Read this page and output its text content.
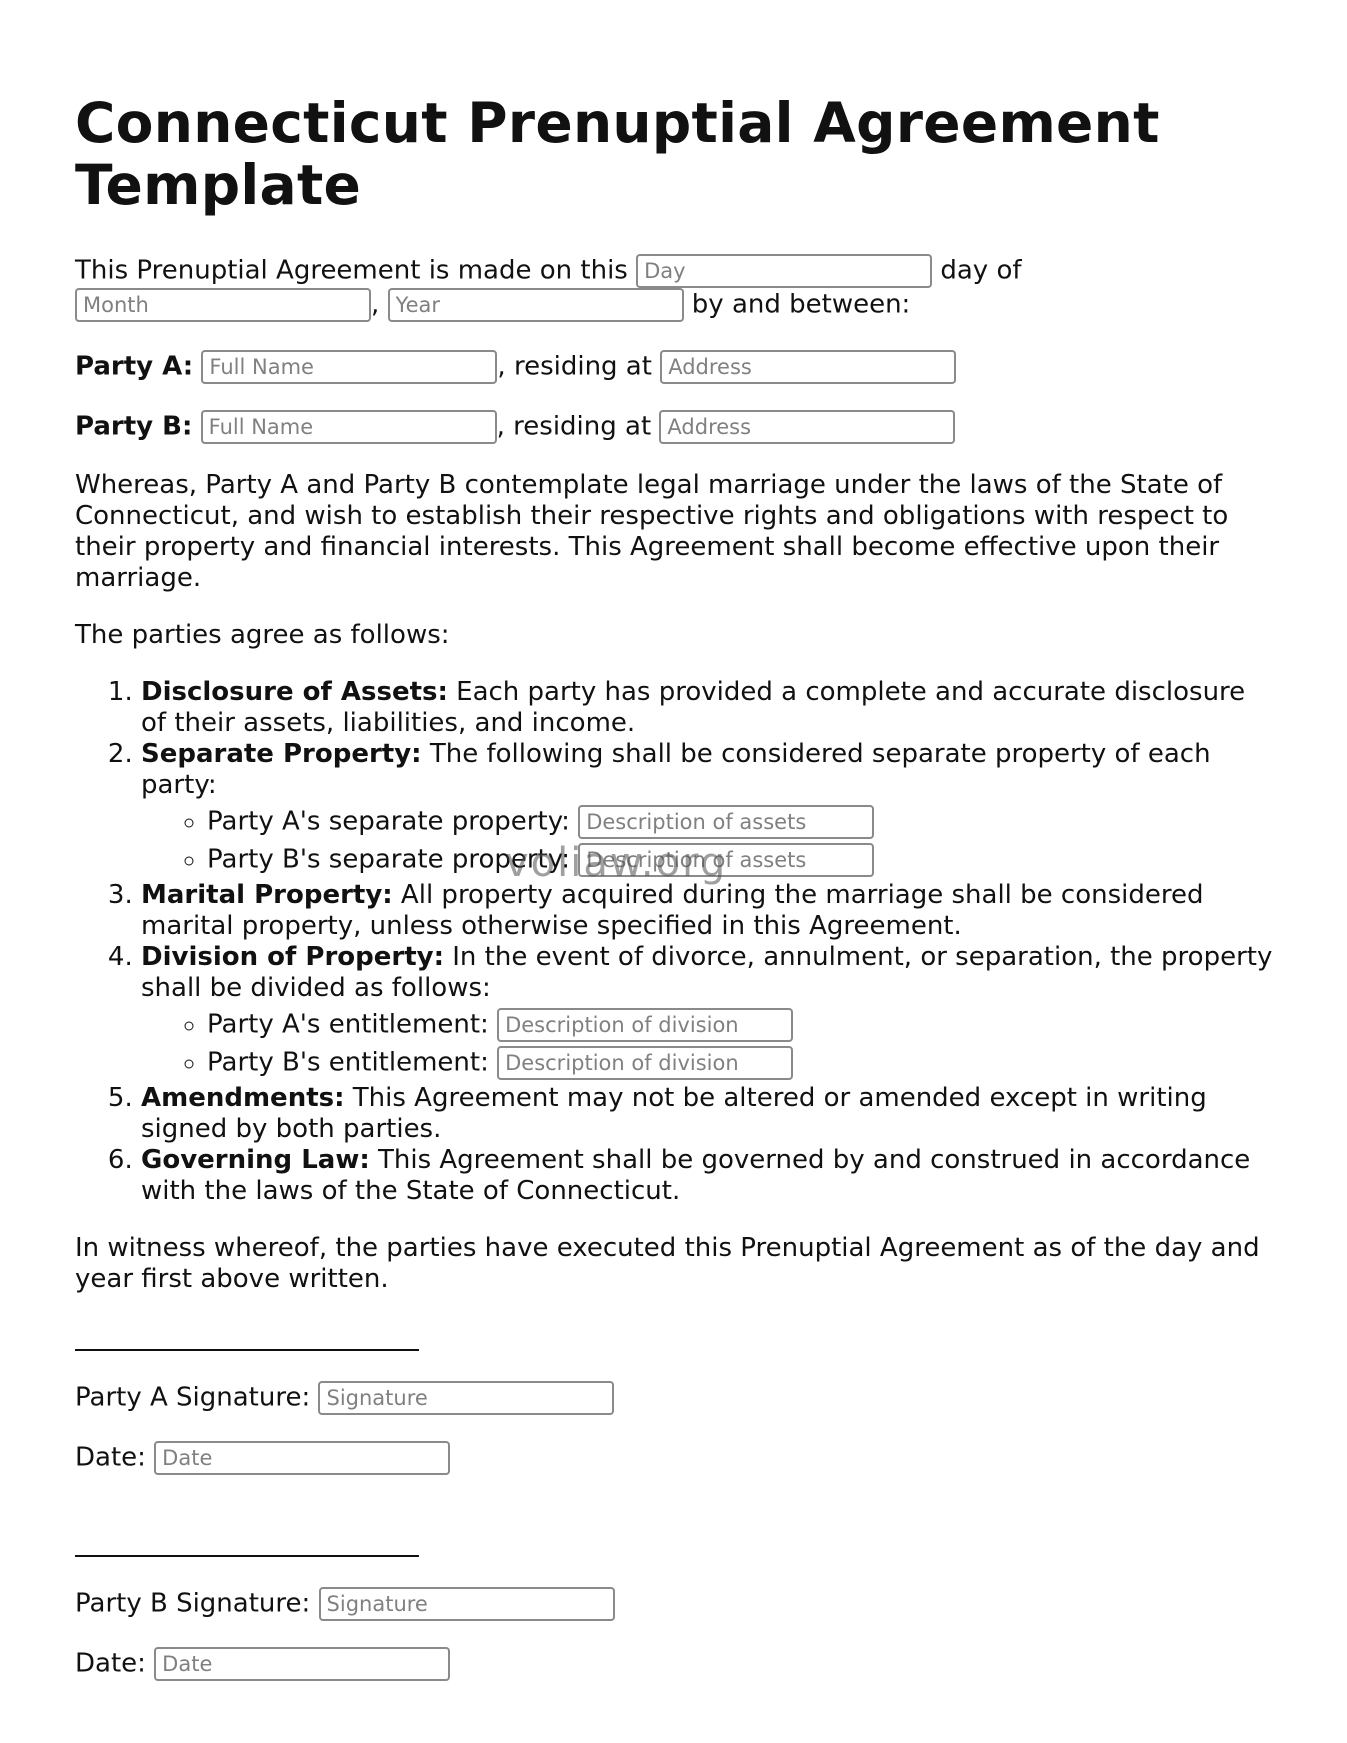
Connecticut Prenuptial Agreement Template

This Prenuptial Agreement is made on this Day	day of
Month, Year	by and between:

Party A: Full Name	, residing at Address

Party B: Full Name	, residing at Address

Whereas, Party A and Party B contemplate legal marriage under the laws of the State of Connecticut, and wish to establish their respective rights and obligations with respect to their property and financial interests. This Agreement shall become effective upon their marriage.

The parties agree as follows:

1. Disclosure of Assets: Each party has provided a complete and accurate disclosure of their assets, liabilities, and income.
2. Separate Property: The following shall be considered separate property of each party:
◦ Party A's separate property: Description of assets
◦ Party B's separate property: Description of assets
3. Marital Property: All property acquired during the marriage shall be considered marital property, unless otherwise specified in this Agreement.
4. Division of Property: In the event of divorce, annulment, or separation, the property shall be divided as follows:
◦ Party A's entitlement: Description of division
◦ Party B's entitlement: Description of division
5. Amendments: This Agreement may not be altered or amended except in writing signed by both parties.
6. Governing Law: This Agreement shall be governed by and construed in accordance with the laws of the State of Connecticut.

In witness whereof, the parties have executed this Prenuptial Agreement as of the day and year first above written.

Party A Signature: Signature

Date: Date

Party B Signature: Signature

Date: Date

voliaw.org
